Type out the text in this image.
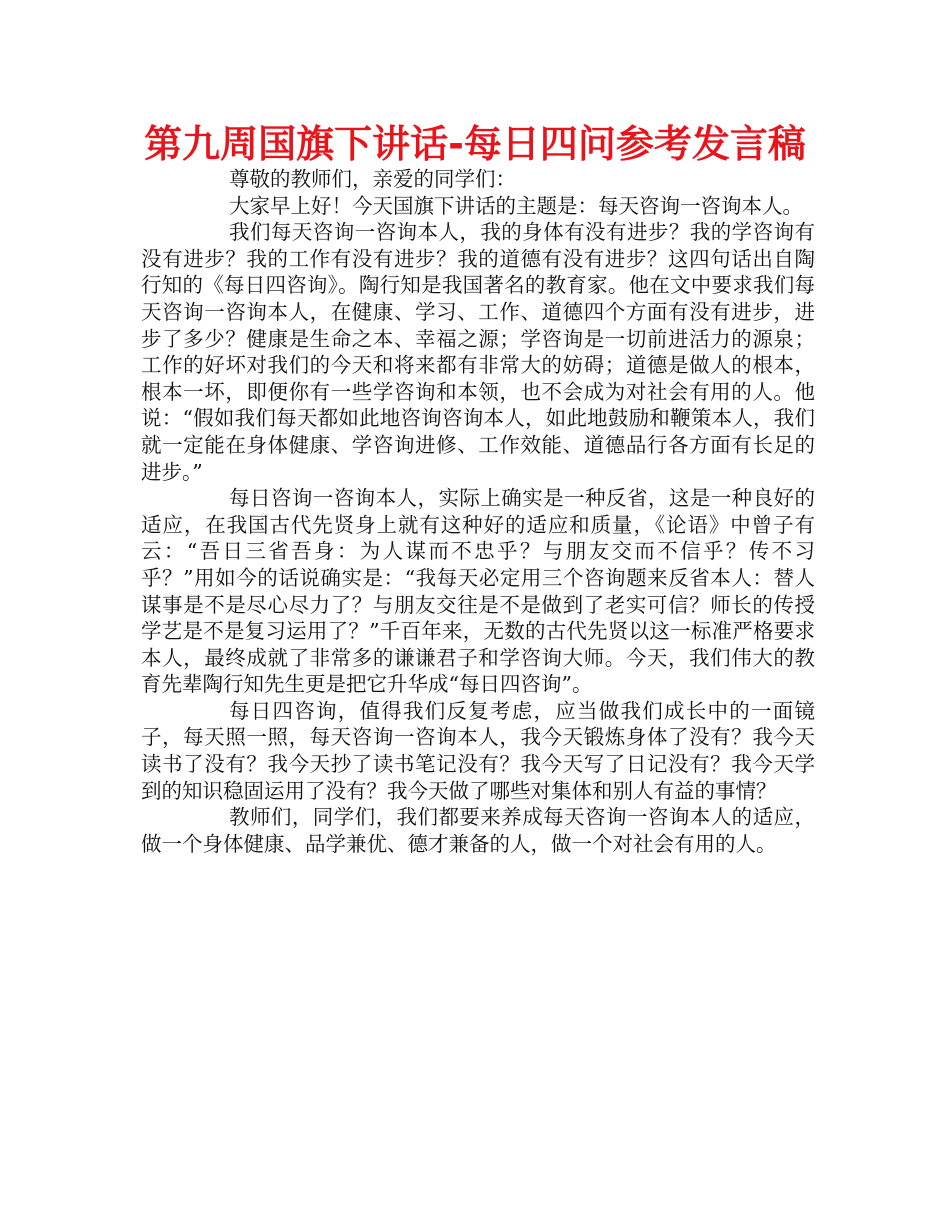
第九周国旗下讲话-每日四问参考发言稿

尊敬的教师们，亲爱的同学们：

大家早上好！今天国旗下讲话的主题是：每天咨询一咨询本人。

我们每天咨询一咨询本人，我的身体有没有进步？我的学咨询有没有进步？我的工作有没有进步？我的道德有没有进步？这四句话出自陶行知的《每日四咨询》。陶行知是我国著名的教育家。他在文中要求我们每天咨询一咨询本人，在健康、学习、工作、道德四个方面有没有进步，进步了多少？健康是生命之本、幸福之源；学咨询是一切前进活力的源泉；工作的好坏对我们的今天和将来都有非常大的妨碍；道德是做人的根本，根本一坏，即便你有一些学咨询和本领，也不会成为对社会有用的人。他说：“假如我们每天都如此地咨询咨询本人，如此地鼓励和鞭策本人，我们就一定能在身体健康、学咨询进修、工作效能、道德品行各方面有长足的进步。”

每日咨询一咨询本人，实际上确实是一种反省，这是一种良好的适应，在我国古代先贤身上就有这种好的适应和质量，《论语》中曾子有云：“吾日三省吾身：为人谋而不忠乎？与朋友交而不信乎？传不习乎？”用如今的话说确实是：“我每天必定用三个咨询题来反省本人：替人谋事是不是尽心尽力了？与朋友交往是不是做到了老实可信？师长的传授学艺是不是复习运用了？”千百年来，无数的古代先贤以这一标准严格要求本人，最终成就了非常多的谦谦君子和学咨询大师。今天，我们伟大的教育先辈陶行知先生更是把它升华成“每日四咨询”。

每日四咨询，值得我们反复考虑，应当做我们成长中的一面镜子，每天照一照，每天咨询一咨询本人，我今天锻炼身体了没有？我今天读书了没有？我今天抄了读书笔记没有？我今天写了日记没有？我今天学到的知识稳固运用了没有？我今天做了哪些对集体和别人有益的事情？

教师们，同学们，我们都要来养成每天咨询一咨询本人的适应，做一个身体健康、品学兼优、德才兼备的人，做一个对社会有用的人。
